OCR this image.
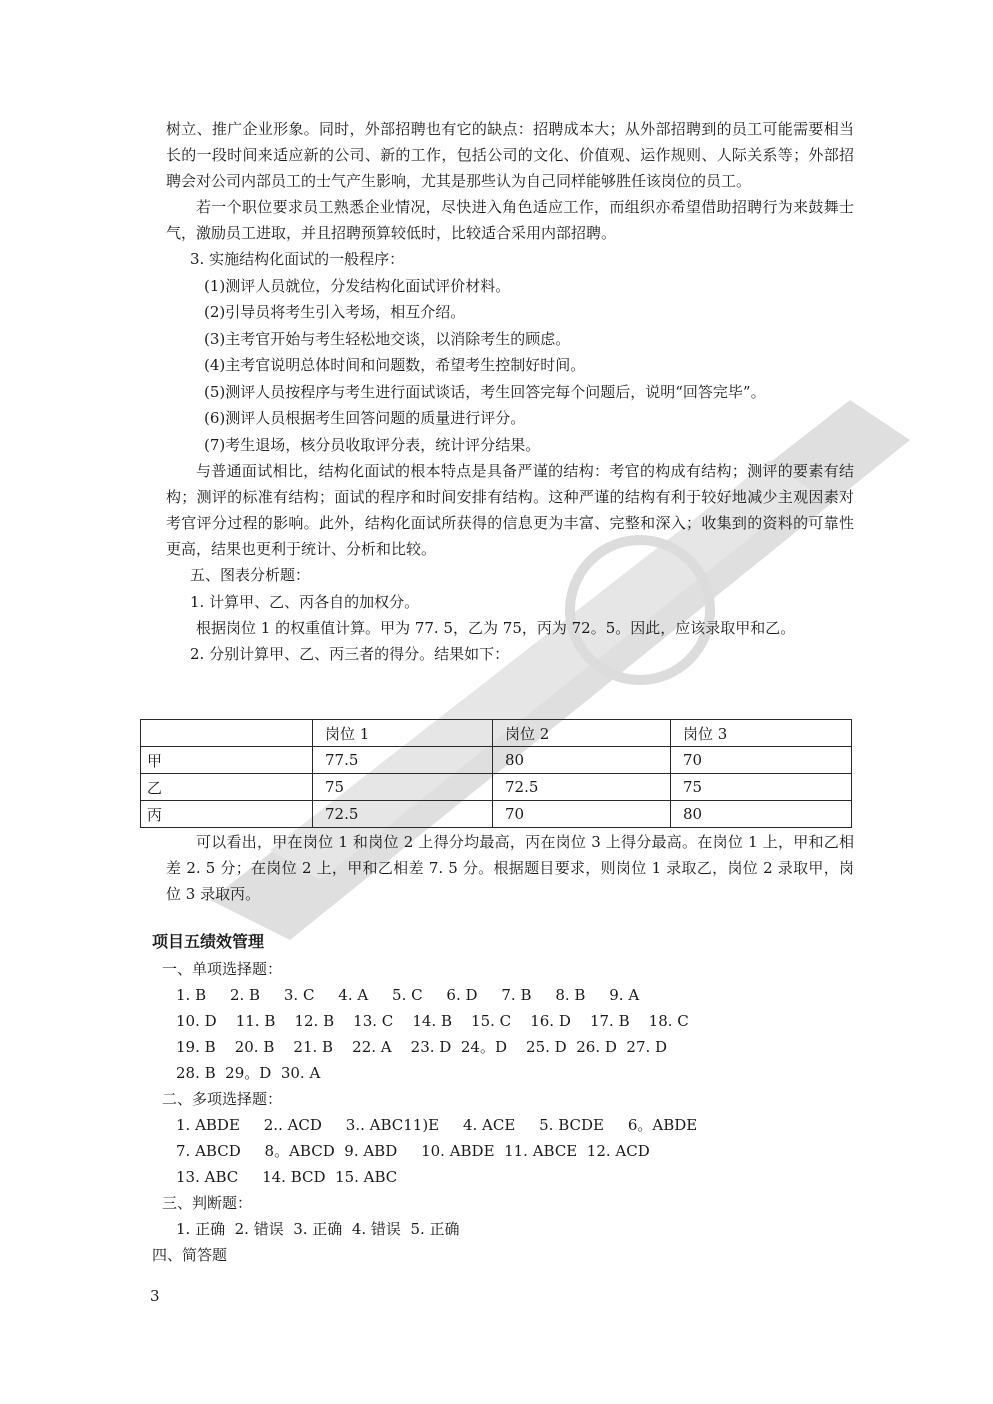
树立、推广企业形象。同时，外部招聘也有它的缺点：招聘成本大；从外部招聘到的员工可能需要相当长的一段时间来适应新的公司、新的工作，包括公司的文化、价值观、运作规则、人际关系等；外部招聘会对公司内部员工的士气产生影响，尤其是那些认为自己同样能够胜任该岗位的员工。

若一个职位要求员工熟悉企业情况，尽快进入角色适应工作，而组织亦希望借助招聘行为来鼓舞士气，激励员工进取，并且招聘预算较低时，比较适合采用内部招聘。

3. 实施结构化面试的一般程序：

(1)测评人员就位，分发结构化面试评价材料。

(2)引导员将考生引入考场，相互介绍。

(3)主考官开始与考生轻松地交谈，以消除考生的顾虑。

(4)主考官说明总体时间和问题数，希望考生控制好时间。

(5)测评人员按程序与考生进行面试谈话，考生回答完每个问题后，说明“回答完毕”。

(6)测评人员根据考生回答问题的质量进行评分。

(7)考生退场，核分员收取评分表，统计评分结果。

与普通面试相比，结构化面试的根本特点是具备严谨的结构：考官的构成有结构；测评的要素有结构；测评的标准有结构；面试的程序和时间安排有结构。这种严谨的结构有利于较好地减少主观因素对考官评分过程的影响。此外，结构化面试所获得的信息更为丰富、完整和深入；收集到的资料的可靠性更高，结果也更利于统计、分析和比较。

五、图表分析题：

1. 计算甲、乙、丙各自的加权分。

根据岗位 1 的权重值计算。甲为 77. 5，乙为 75，丙为 72。5。因此，应该录取甲和乙。

2. 分别计算甲、乙、丙三者的得分。结果如下：

	岗位 1	岗位 2	岗位 3
甲	77.5	80	70
乙	75	72.5	75
丙	72.5	70	80

可以看出，甲在岗位 1 和岗位 2 上得分均最高，丙在岗位 3 上得分最高。在岗位 1 上，甲和乙相差 2. 5 分；在岗位 2 上，甲和乙相差 7. 5 分。根据题目要求，则岗位 1 录取乙，岗位 2 录取甲，岗位 3 录取丙。

项目五绩效管理

一、单项选择题：

1. B     2. B     3. C     4. A     5. C     6. D     7. B     8. B     9. A

10. D    11. B    12. B    13. C    14. B    15. C    16. D    17. B    18. C

19. B    20. B    21. B    22. A    23. D  24。D    25. D  26. D  27. D

28. B  29。D  30. A

二、多项选择题：

1. ABDE     2.. ACD     3.. ABC11)E     4. ACE     5. BCDE     6。ABDE

7. ABCD     8。ABCD  9. ABD     10. ABDE  11. ABCE  12. ACD

13. ABC     14. BCD  15. ABC

三、判断题：

1. 正确  2. 错误  3. 正确  4. 错误  5. 正确

四、简答题

3
